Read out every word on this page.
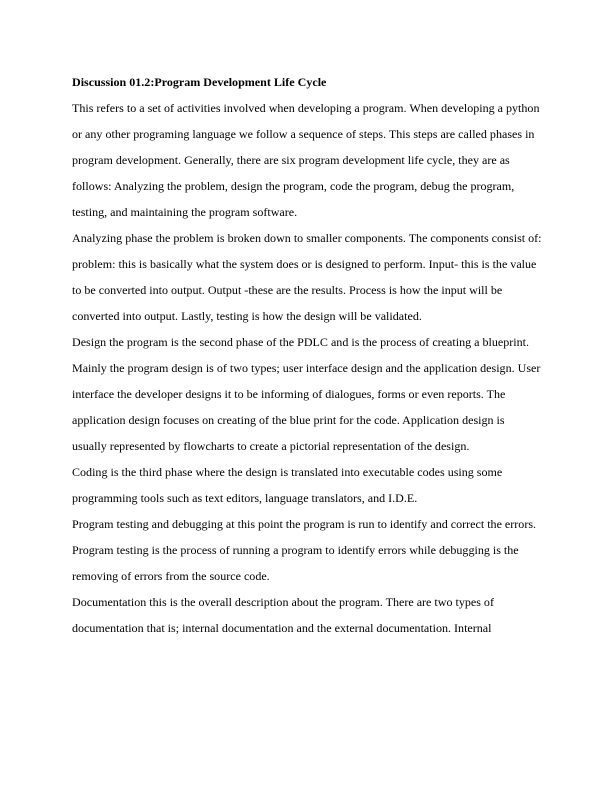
Discussion 01.2:Program Development Life Cycle

This refers to a set of activities involved when developing a program. When developing a python
or any other programing language we follow a sequence of steps. This steps are called phases in
program development. Generally, there are six program development life cycle, they are as
follows: Analyzing the problem, design the program, code the program, debug the program,
testing, and maintaining the program software.

Analyzing phase the problem is broken down to smaller components. The components consist of:
problem: this is basically what the system does or is designed to perform. Input- this is the value
to be converted into output. Output -these are the results. Process is how the input will be
converted into output. Lastly, testing is how the design will be validated.

Design the program is the second phase of the PDLC and is the process of creating a blueprint.
Mainly the program design is of two types; user interface design and the application design. User
interface the developer designs it to be informing of dialogues, forms or even reports. The
application design focuses on creating of the blue print for the code. Application design is
usually represented by flowcharts to create a pictorial representation of the design.

Coding is the third phase where the design is translated into executable codes using some
programming tools such as text editors, language translators, and I.D.E.

Program testing and debugging at this point the program is run to identify and correct the errors.
Program testing is the process of running a program to identify errors while debugging is the
removing of errors from the source code.

Documentation this is the overall description about the program. There are two types of
documentation that is; internal documentation and the external documentation. Internal
